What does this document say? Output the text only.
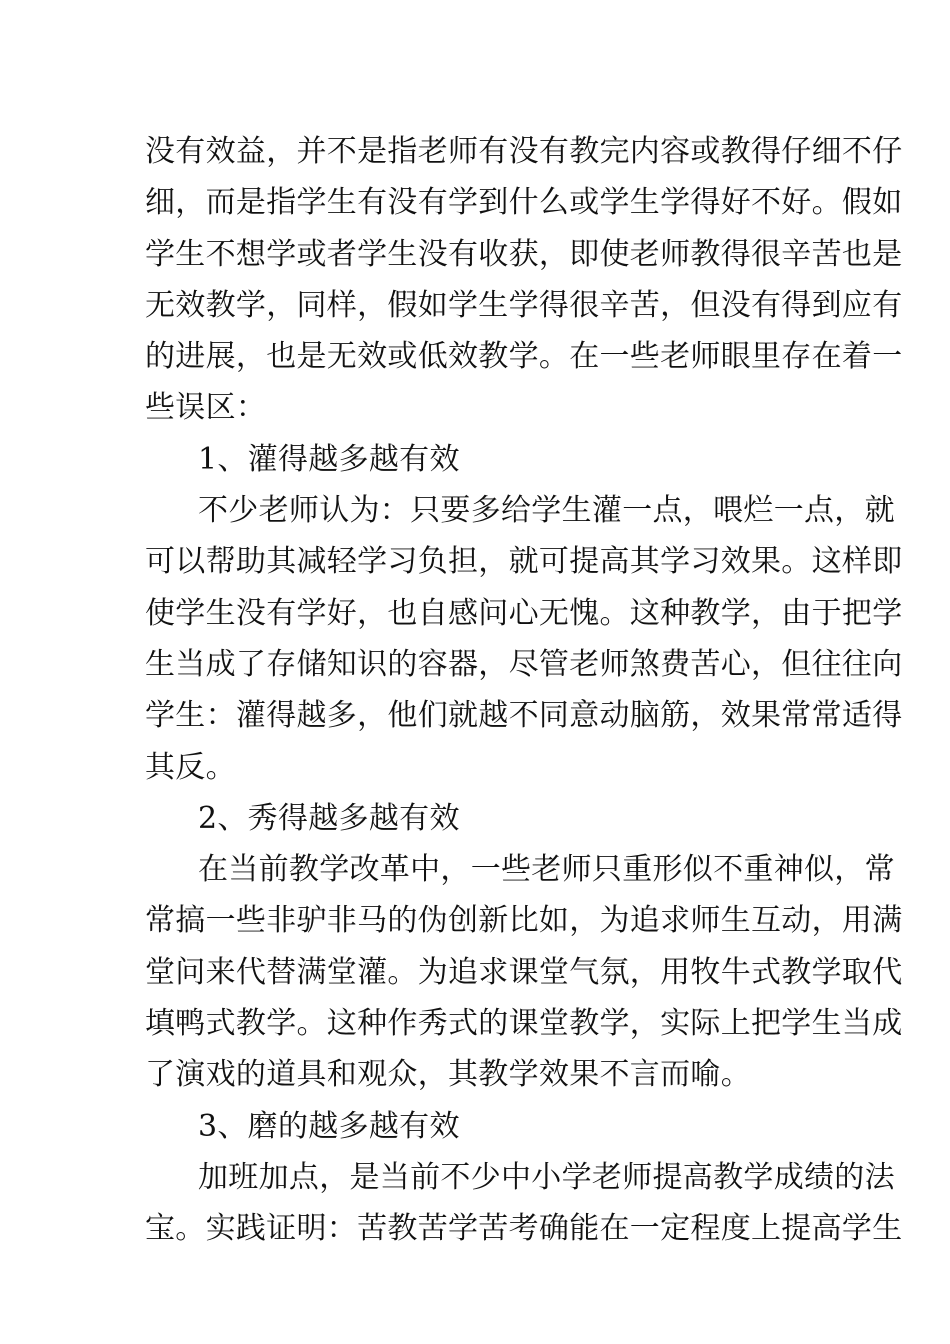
没有效益，并不是指老师有没有教完内容或教得仔细不仔
细，而是指学生有没有学到什么或学生学得好不好。假如
学生不想学或者学生没有收获，即使老师教得很辛苦也是
无效教学，同样，假如学生学得很辛苦，但没有得到应有
的进展，也是无效或低效教学。在一些老师眼里存在着一
些误区：
1、灌得越多越有效
不少老师认为：只要多给学生灌一点，喂烂一点，就
可以帮助其减轻学习负担，就可提高其学习效果。这样即
使学生没有学好，也自感问心无愧。这种教学，由于把学
生当成了存储知识的容器，尽管老师煞费苦心，但往往向
学生：灌得越多，他们就越不同意动脑筋，效果常常适得
其反。
2、秀得越多越有效
在当前教学改革中，一些老师只重形似不重神似，常
常搞一些非驴非马的伪创新比如，为追求师生互动，用满
堂问来代替满堂灌。为追求课堂气氛，用牧牛式教学取代
填鸭式教学。这种作秀式的课堂教学，实际上把学生当成
了演戏的道具和观众，其教学效果不言而喻。
3、磨的越多越有效
加班加点，是当前不少中小学老师提高教学成绩的法
宝。实践证明：苦教苦学苦考确能在一定程度上提高学生
